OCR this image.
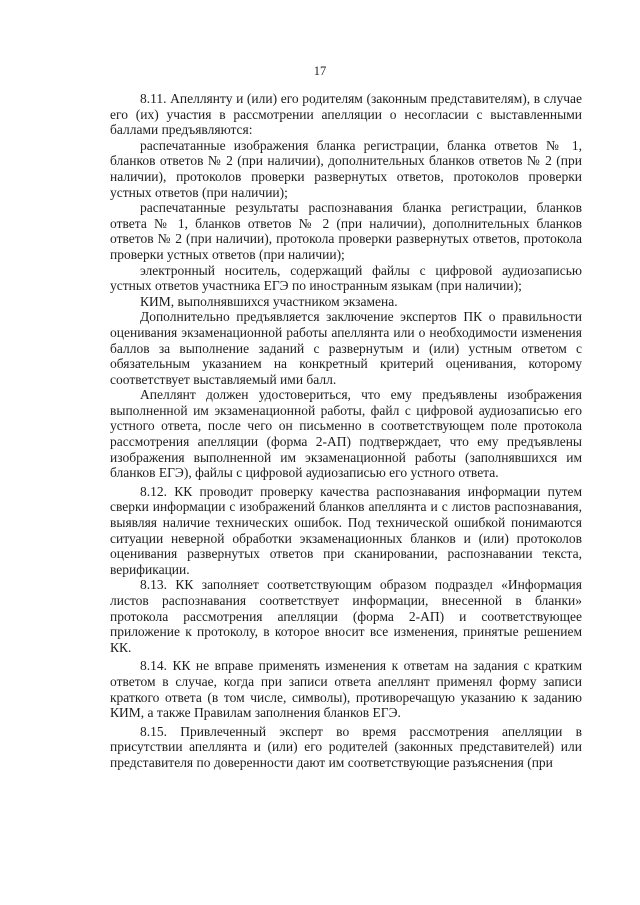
17

8.11. Апеллянту и (или) его родителям (законным представителям), в случае его (их) участия в рассмотрении апелляции о несогласии с выставленными баллами предъявляются:

распечатанные изображения бланка регистрации, бланка ответов № 1, бланков ответов № 2 (при наличии), дополнительных бланков ответов № 2 (при наличии), протоколов проверки развернутых ответов, протоколов проверки устных ответов (при наличии);

распечатанные результаты распознавания бланка регистрации, бланков ответа № 1, бланков ответов № 2 (при наличии), дополнительных бланков ответов № 2 (при наличии), протокола проверки развернутых ответов, протокола проверки устных ответов (при наличии);

электронный носитель, содержащий файлы с цифровой аудиозаписью устных ответов участника ЕГЭ по иностранным языкам (при наличии);

КИМ, выполнявшихся участником экзамена.

Дополнительно предъявляется заключение экспертов ПК о правильности оценивания экзаменационной работы апеллянта или о необходимости изменения баллов за выполнение заданий с развернутым и (или) устным ответом с обязательным указанием на конкретный критерий оценивания, которому соответствует выставляемый ими балл.

Апеллянт должен удостовериться, что ему предъявлены изображения выполненной им экзаменационной работы, файл с цифровой аудиозаписью его устного ответа, после чего он письменно в соответствующем поле протокола рассмотрения апелляции (форма 2-АП) подтверждает, что ему предъявлены изображения выполненной им экзаменационной работы (заполнявшихся им бланков ЕГЭ), файлы с цифровой аудиозаписью его устного ответа.

8.12. КК проводит проверку качества распознавания информации путем сверки информации с изображений бланков апеллянта и с листов распознавания, выявляя наличие технических ошибок. Под технической ошибкой понимаются ситуации неверной обработки экзаменационных бланков и (или) протоколов оценивания развернутых ответов при сканировании, распознавании текста, верификации.

8.13. КК заполняет соответствующим образом подраздел «Информация листов распознавания соответствует информации, внесенной в бланки» протокола рассмотрения апелляции (форма 2-АП) и соответствующее приложение к протоколу, в которое вносит все изменения, принятые решением КК.

8.14. КК не вправе применять изменения к ответам на задания с кратким ответом в случае, когда при записи ответа апеллянт применял форму записи краткого ответа (в том числе, символы), противоречащую указанию к заданию КИМ, а также Правилам заполнения бланков ЕГЭ.

8.15. Привлеченный эксперт во время рассмотрения апелляции в присутствии апеллянта и (или) его родителей (законных представителей) или представителя по доверенности дают им соответствующие разъяснения (при
